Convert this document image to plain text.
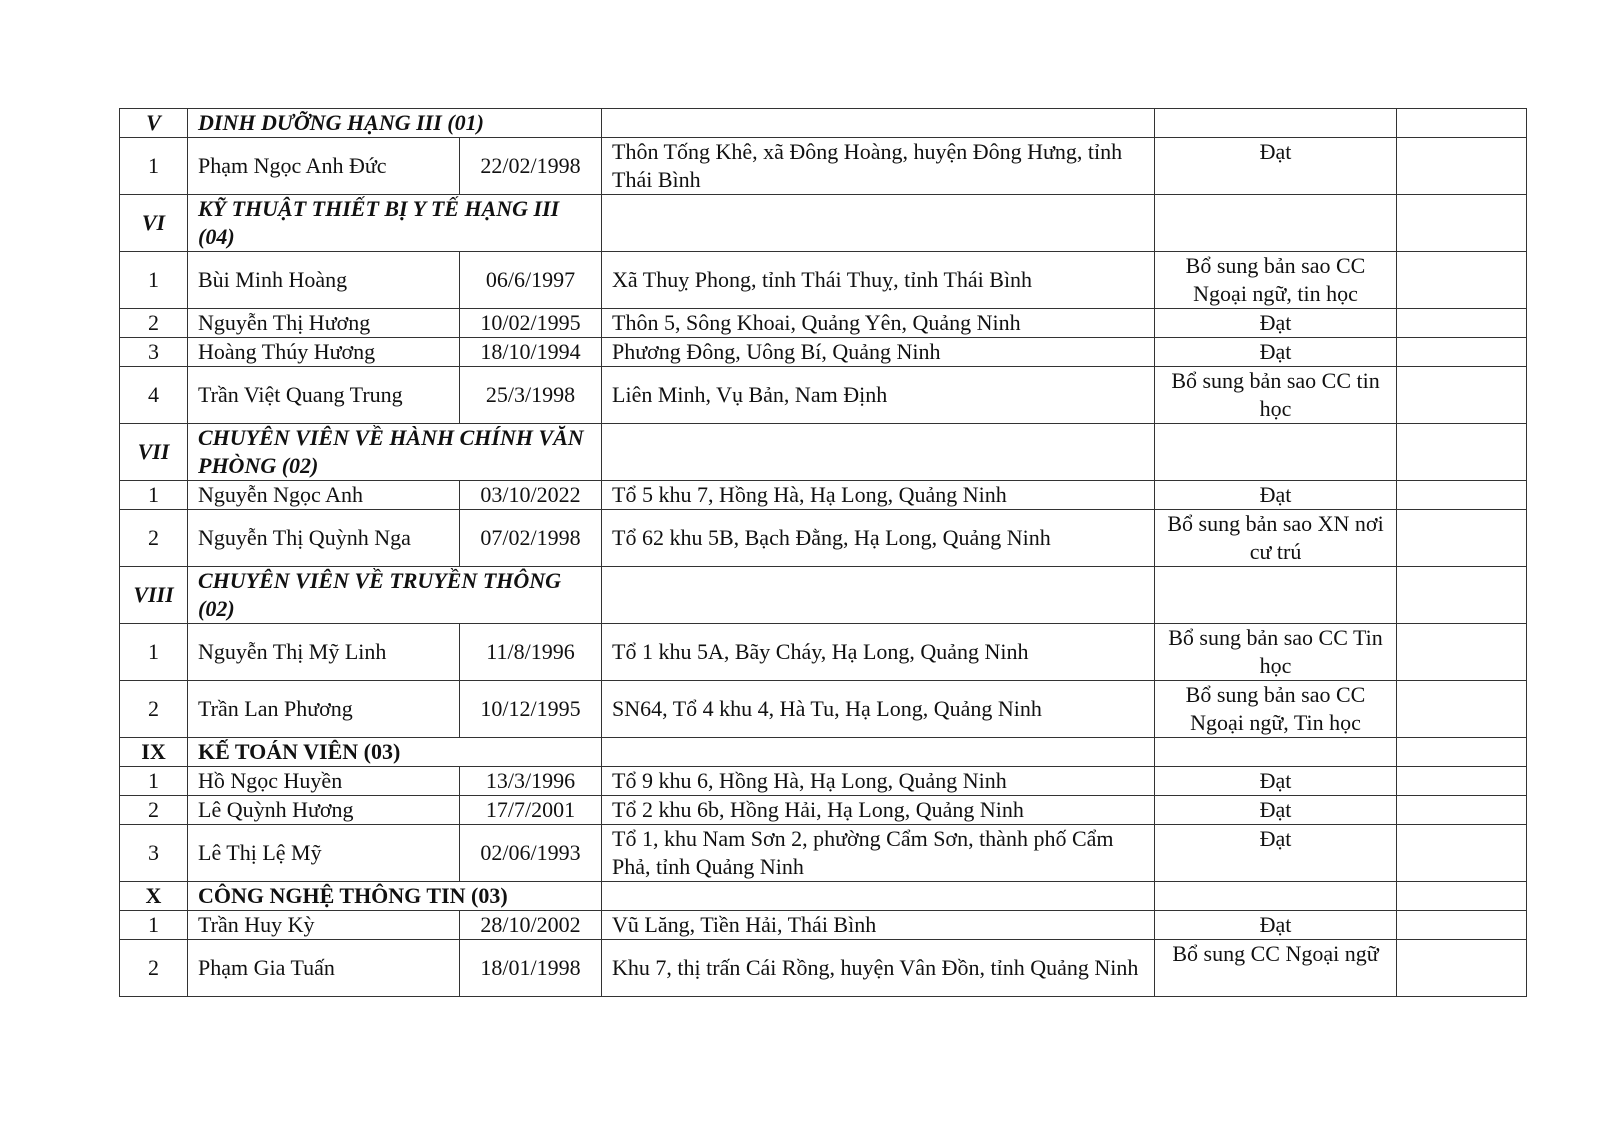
V	DINH DƯỠNG HẠNG III (01)				
1	Phạm Ngọc Anh Đức	22/02/1998	Thôn Tống Khê, xã Đông Hoàng, huyện Đông Hưng, tỉnh Thái Bình	Đạt	
VI	KỸ THUẬT THIẾT BỊ Y TẾ HẠNG III (04)				
1	Bùi Minh Hoàng	06/6/1997	Xã Thuỵ Phong, tỉnh Thái Thuỵ, tỉnh Thái Bình	Bổ sung bản sao CC Ngoại ngữ, tin học	
2	Nguyễn Thị Hương	10/02/1995	Thôn 5, Sông Khoai, Quảng Yên, Quảng Ninh	Đạt	
3	Hoàng Thúy Hương	18/10/1994	Phương Đông, Uông Bí, Quảng Ninh	Đạt	
4	Trần Việt Quang Trung	25/3/1998	Liên Minh, Vụ Bản, Nam Định	Bổ sung bản sao CC tin học	
VII	CHUYÊN VIÊN VỀ HÀNH CHÍNH VĂN PHÒNG (02)				
1	Nguyễn Ngọc Anh	03/10/2022	Tổ 5 khu 7, Hồng Hà, Hạ Long, Quảng Ninh	Đạt	
2	Nguyễn Thị Quỳnh Nga	07/02/1998	Tổ 62 khu 5B, Bạch Đằng, Hạ Long, Quảng Ninh	Bổ sung bản sao XN nơi cư trú	
VIII	CHUYÊN VIÊN VỀ TRUYỀN THÔNG (02)				
1	Nguyễn Thị Mỹ Linh	11/8/1996	Tổ 1 khu 5A, Bãy Cháy, Hạ Long, Quảng Ninh	Bổ sung bản sao CC Tin học	
2	Trần Lan Phương	10/12/1995	SN64, Tổ 4 khu 4, Hà Tu, Hạ Long, Quảng Ninh	Bổ sung bản sao CC Ngoại ngữ, Tin học	
IX	KẾ TOÁN VIÊN (03)				
1	Hồ Ngọc Huyền	13/3/1996	Tổ 9 khu 6, Hồng Hà, Hạ Long, Quảng Ninh	Đạt	
2	Lê Quỳnh Hương	17/7/2001	Tổ 2 khu 6b, Hồng Hải, Hạ Long, Quảng Ninh	Đạt	
3	Lê Thị Lệ Mỹ	02/06/1993	Tổ 1, khu Nam Sơn 2, phường Cẩm Sơn, thành phố Cẩm Phả, tỉnh Quảng Ninh	Đạt	
X	CÔNG NGHỆ THÔNG TIN (03)				
1	Trần Huy Kỳ	28/10/2002	Vũ Lăng, Tiền Hải, Thái Bình	Đạt	
2	Phạm Gia Tuấn	18/01/1998	Khu 7, thị trấn Cái Rồng, huyện Vân Đồn, tỉnh Quảng Ninh	Bổ sung CC Ngoại ngữ	
